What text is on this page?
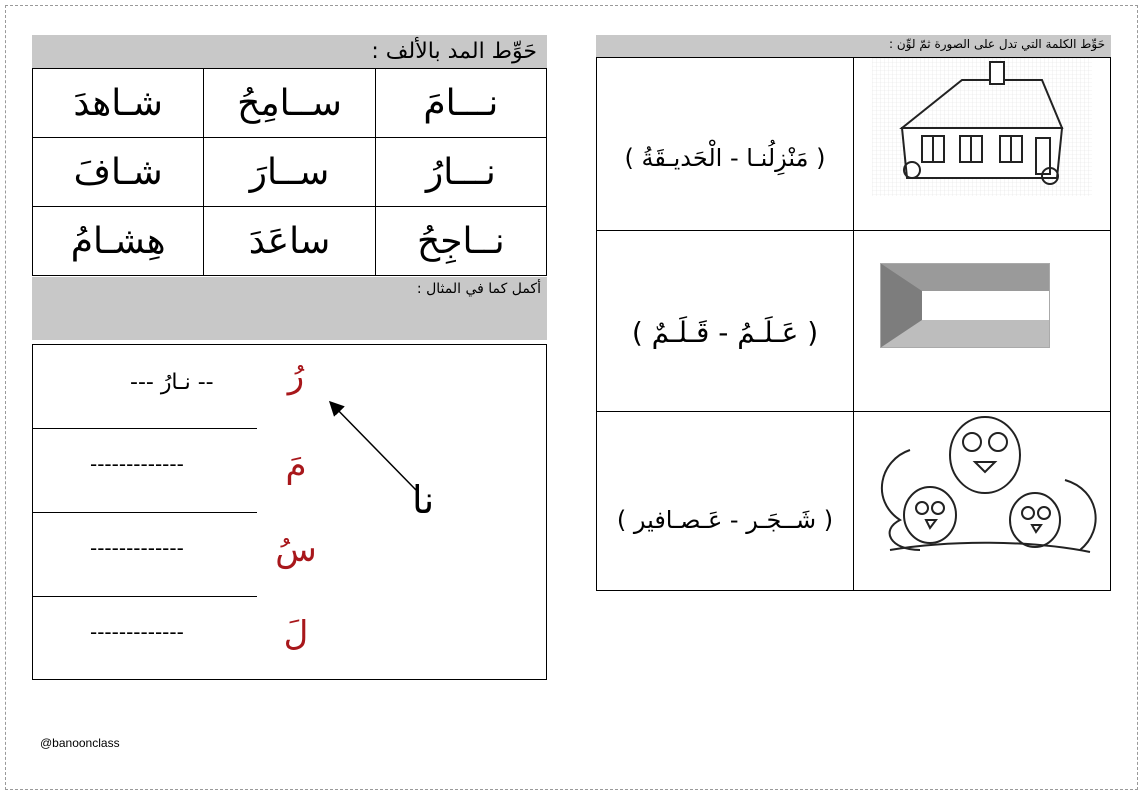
حَوِّط المد بالألف :
شـاهدَ	ســامِحُ	نـــامَ
شـافَ	ســارَ	نـــارُ
هِشـامُ	ساعَدَ	نــاجِحُ
أكمل كما في المثال :
رُ
--- نـارُ --
مَ
-------------
سُ
-------------
لَ
-------------
نا
حَوِّط الكلمة التي تدل على الصورة ثمّ لوِّن :
( مَنْزِلُنـا - الْحَديـقَةُ )
( عَـلَـمُ - قَـلَـمٌ )
( شَــجَـر - عَـصـافير )
@banoonclass
